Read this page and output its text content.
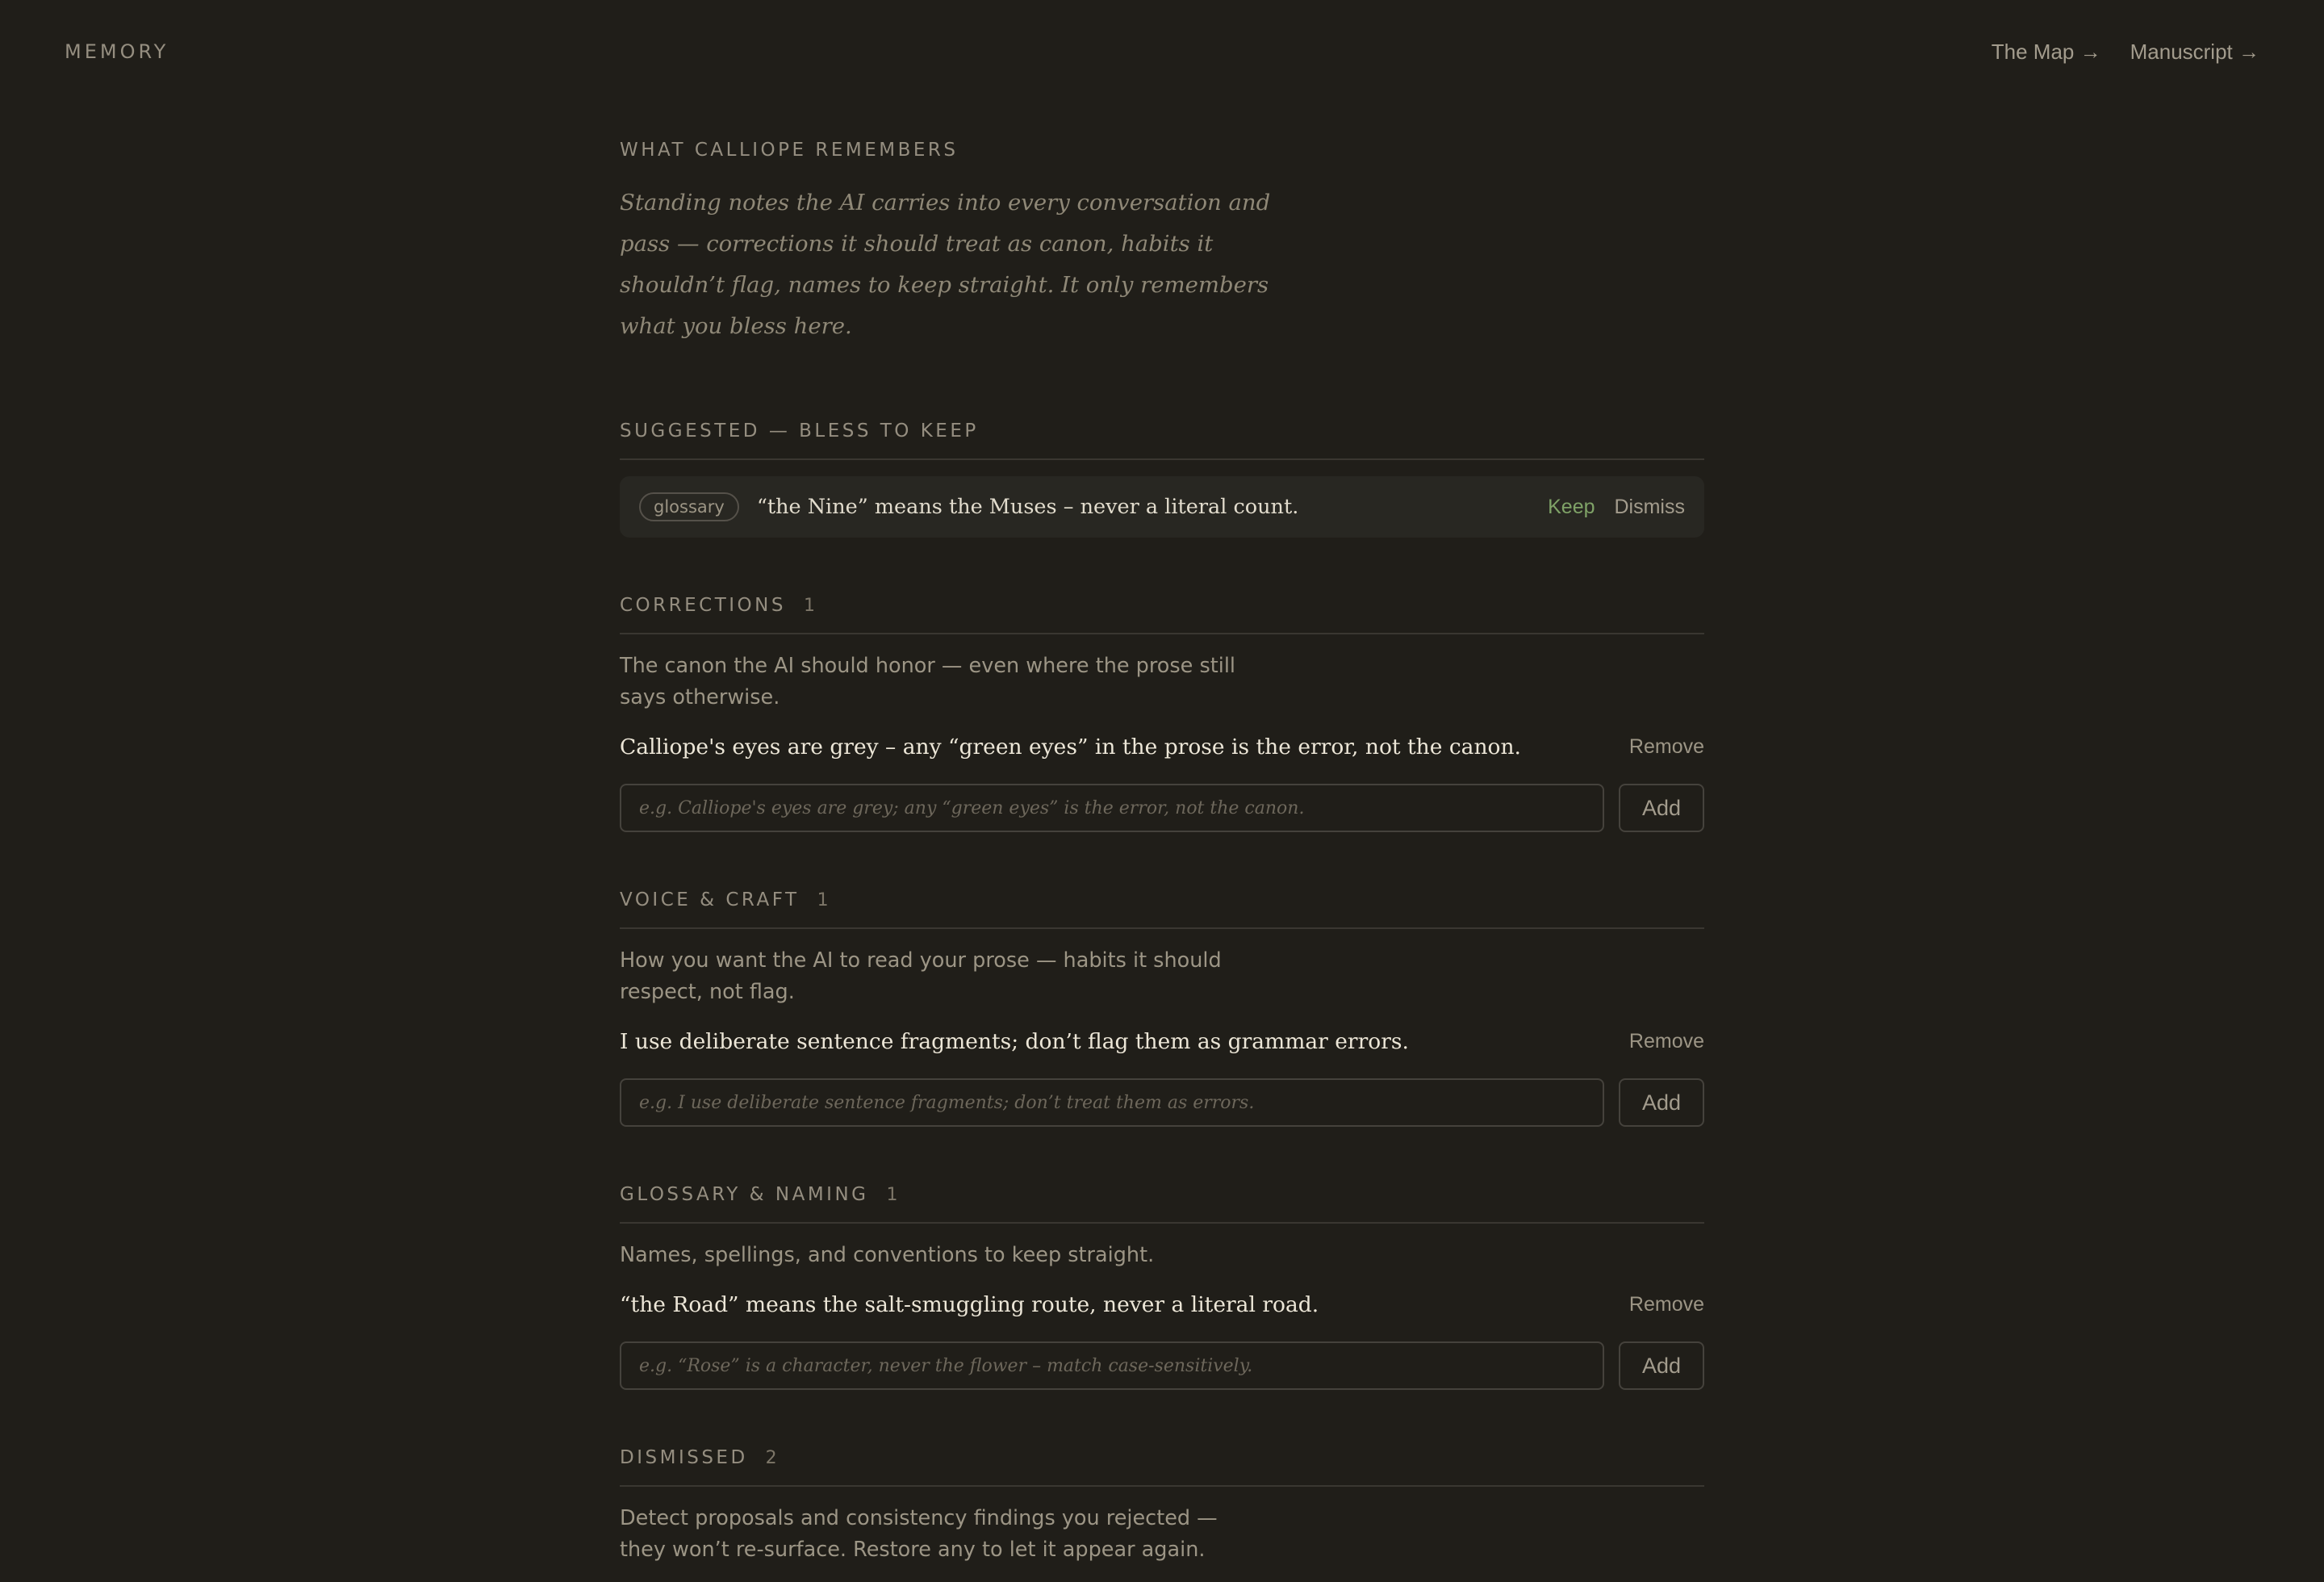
MEMORY	The Map → Manuscript →

WHAT CALLIOPE REMEMBERS

Standing notes the AI carries into every conversation and pass — corrections it should treat as canon, habits it shouldn’t flag, names to keep straight. It only remembers what you bless here.

SUGGESTED — BLESS TO KEEP
glossary	“the Nine” means the Muses – never a literal count.	Keep Dismiss
CORRECTIONS 1

The canon the AI should honor — even where the prose still says otherwise.

Calliope's eyes are grey – any “green eyes” in the prose is the error, not the canon.	Remove
e.g. Calliope's eyes are grey; any “green eyes” is the error, not the canon.
Add
VOICE & CRAFT 1

How you want the AI to read your prose — habits it should respect, not flag.

I use deliberate sentence fragments; don’t flag them as grammar errors.	Remove
e.g. I use deliberate sentence fragments; don’t treat them as errors.
Add
GLOSSARY & NAMING 1

Names, spellings, and conventions to keep straight.

“the Road” means the salt-smuggling route, never a literal road.	Remove
e.g. “Rose” is a character, never the flower – match case-sensitively.
Add
DISMISSED 2

Detect proposals and consistency findings you rejected — they won’t re-surface. Restore any to let it appear again.
